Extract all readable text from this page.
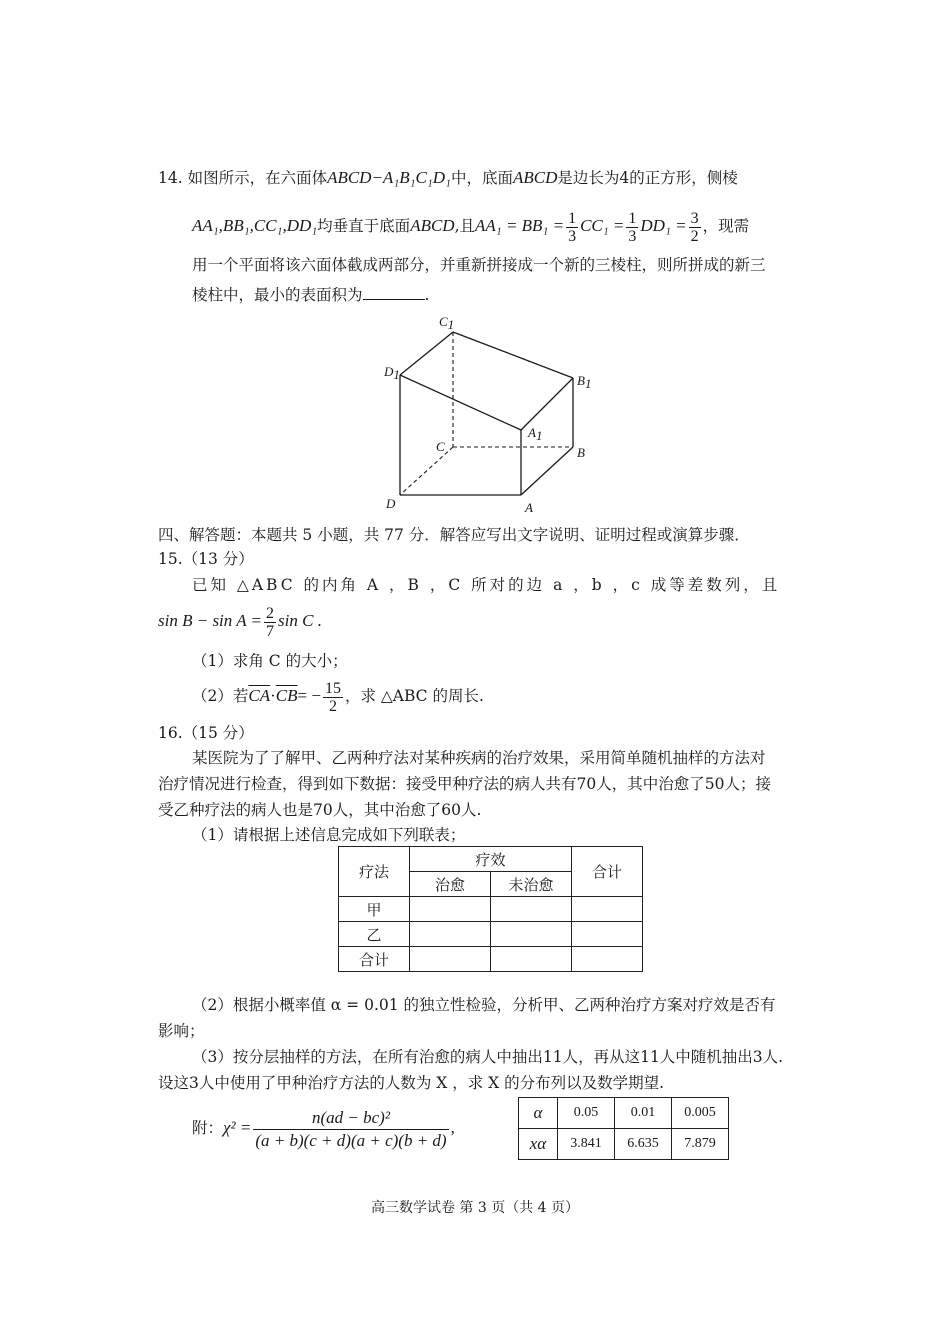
14. 如图所示，在六面体ABCD−A₁B₁C₁D₁中，底面ABCD是边长为4的正方形，侧棱
AA₁,BB₁,CC₁,DD₁均垂直于底面ABCD,且$AA_1 = BB_1 = \frac{1}{3} CC_1 = \frac{1}{3} DD_1 = \frac{3}{2}$ ，现需
用一个平面将该六面体截成两部分，并重新拼接成一个新的三棱柱，则所拼成的新三
棱柱中，最小的表面积为	.
C1
D1	B1
A1
C	B
D	A
四、解答题：本题共 5 小题，共 77 分．解答应写出文字说明、证明过程或演算步骤．
15.（13 分）
已知 △ABC 的内角 A ，B ，C 所对的边 a ，b ，c 成等差数列，且
$\sin B - \sin A = \frac{2}{7}$ sin C .
（1）求角 C 的大小；
（2）若$\overline{CA}\cdot\overline{CB}= - \frac{15}{2}$ ，求 △ABC 的周长.
16.（15 分）
某医院为了了解甲、乙两种疗法对某种疾病的治疗效果，采用简单随机抽样的方法对
治疗情况进行检查，得到如下数据：接受甲种疗法的病人共有70人，其中治愈了50人；接
受乙种疗法的病人也是70人，其中治愈了60人.
（1）请根据上述信息完成如下列联表；
疗法	疗效		合计
	治愈	未治愈	
甲			
乙			
合计			
（2）根据小概率值 α = 0.01 的独立性检验，分析甲、乙两种治疗方案对疗效是否有
影响；
（3）按分层抽样的方法，在所有治愈的病人中抽出11人，再从这11人中随机抽出3人.
设这3人中使用了甲种治疗方法的人数为 X ，求 X 的分布列以及数学期望.
附：$\chi^2 = \frac{\text{n(ad − bc)²}}{(a + b)(c + d)(a + c)(b + d)}$ ,
α	0.05	0.01	0.005
xα	3.841	6.635	7.879
高三数学试卷 第 3 页（共 4 页）
